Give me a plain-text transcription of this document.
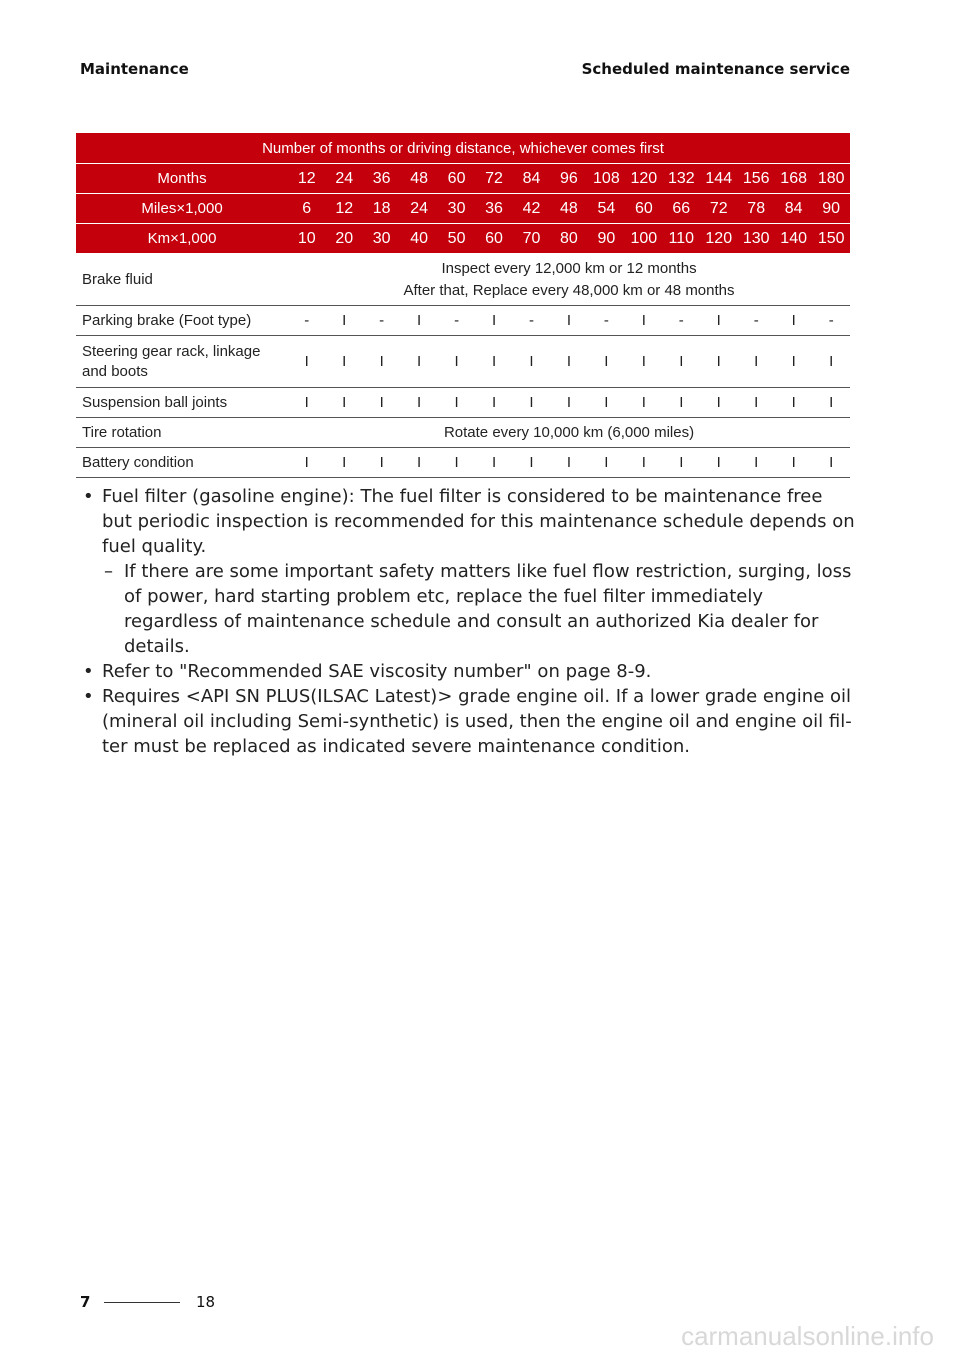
Maintenance	Scheduled maintenance service
Number of months or driving distance, whichever comes first															
Months	12	24	36	48	60	72	84	96	108	120	132	144	156	168	180
Miles×1,000	6	12	18	24	30	36	42	48	54	60	66	72	78	84	90
Km×1,000	10	20	30	40	50	60	70	80	90	100	110	120	130	140	150
Brake fluid	Inspect every 12,000 km or 12 months
After that, Replace every 48,000 km or 48 months														

Parking brake (Foot type)	-	I	-	I	-	I	-	I	-	I	-	I	-	I	-

Steering gear rack, linkage
and boots	I	I	I	I	I	I	I	I	I	I	I	I	I	I	I
Suspension ball joints	I	I	I	I	I	I	I	I	I	I	I	I	I	I	I
Tire rotation	Rotate every 10,000 km (6,000 miles)														
Battery condition	I	I	I	I	I	I	I	I	I	I	I	I	I	I	I

• Fuel filter (gasoline engine): The fuel filter is considered to be maintenance free but periodic inspection is recommended for this maintenance schedule depends on fuel quality.

– If there are some important safety matters like fuel flow restriction, surging, loss of power, hard starting problem etc, replace the fuel filter immediately regardless of maintenance schedule and consult an authorized Kia dealer for details.

• Refer to "Recommended SAE viscosity number" on page 8-9.

• Requires <API SN PLUS(ILSAC Latest)> grade engine oil. If a lower grade engine oil (mineral oil including Semi-synthetic) is used, then the engine oil and engine oil fil-ter must be replaced as indicated severe maintenance condition.

7	18
carmanualsonline.info
